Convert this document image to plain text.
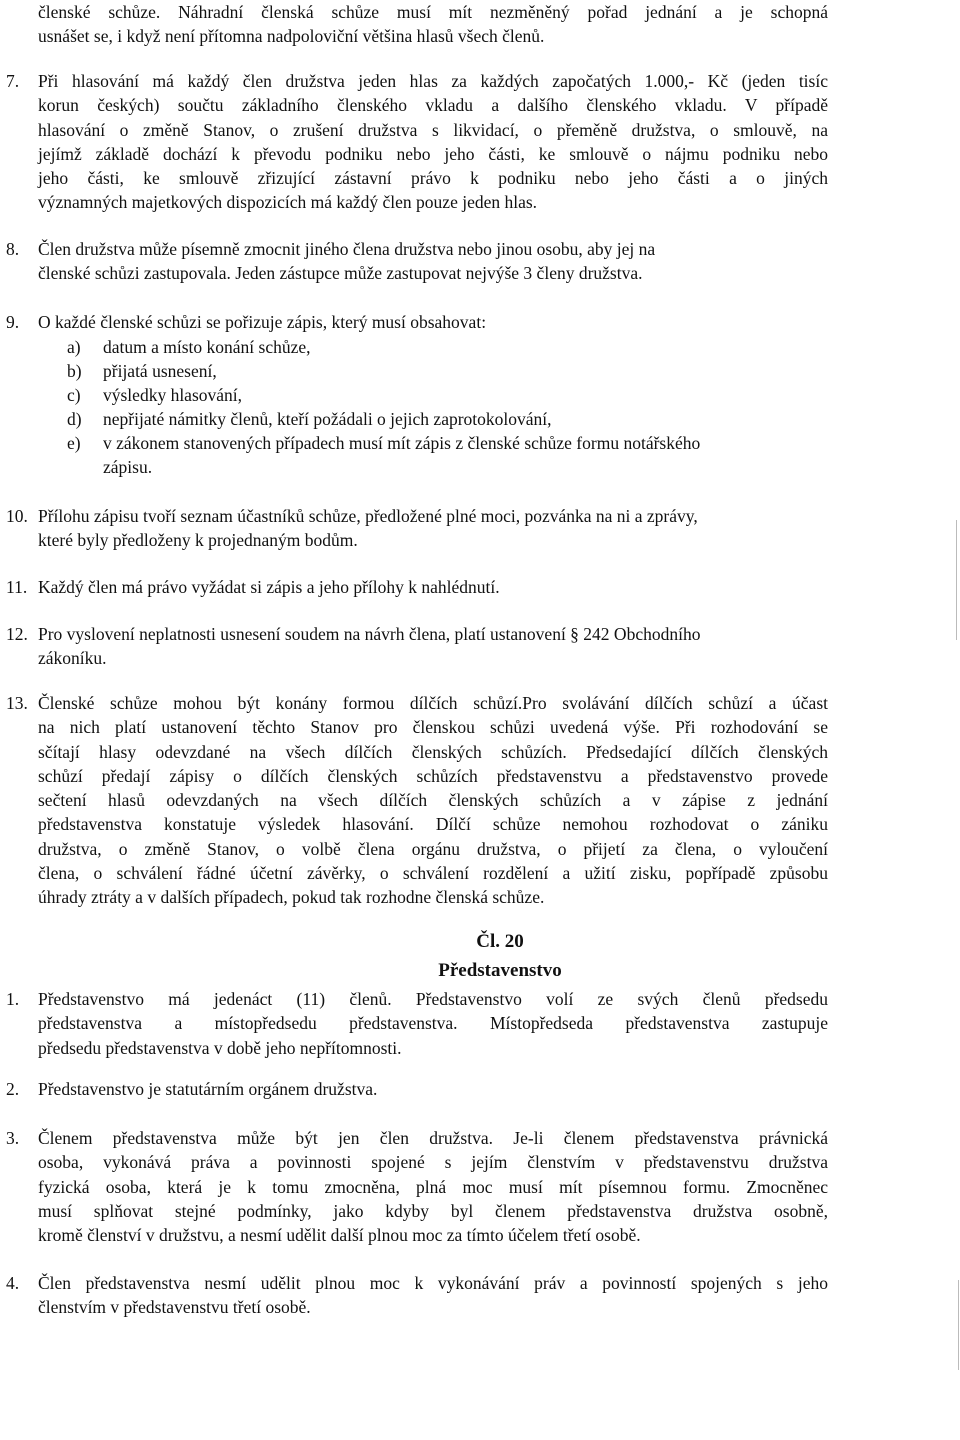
členské schůze. Náhradní členská schůze musí mít nezměněný pořad jednání a je schopná
usnášet se, i když není přítomna nadpoloviční většina hlasů všech členů.
7. Při hlasování má každý člen družstva jeden hlas za každých započatých 1.000,- Kč (jeden tisíc
korun českých) součtu základního členského vkladu a dalšího členského vkladu. V případě
hlasování o změně Stanov, o zrušení družstva s likvidací, o přeměně družstva, o smlouvě, na
jejímž základě dochází k převodu podniku nebo jeho části, ke smlouvě o nájmu podniku nebo
jeho části, ke smlouvě zřizující zástavní právo k podniku nebo jeho části a o jiných
významných majetkových dispozicích má každý člen pouze jeden hlas.
8. Člen družstva může písemně zmocnit jiného člena družstva nebo jinou osobu, aby jej na
členské schůzi zastupovala. Jeden zástupce může zastupovat nejvýše 3 členy družstva.
9. O každé členské schůzi se pořizuje zápis, který musí obsahovat:
a) datum a místo konání schůze,
b) přijatá usnesení,
c) výsledky hlasování,
d) nepřijaté námitky členů, kteří požádali o jejich zaprotokolování,
e) v zákonem stanovených případech musí mít zápis z členské schůze formu notářského
zápisu.
10. Přílohu zápisu tvoří seznam účastníků schůze, předložené plné moci, pozvánka na ni a zprávy,
které byly předloženy k projednaným bodům.
11. Každý člen má právo vyžádat si zápis a jeho přílohy k nahlédnutí.
12. Pro vyslovení neplatnosti usnesení soudem na návrh člena, platí ustanovení § 242 Obchodního
zákoníku.
13. Členské schůze mohou být konány formou dílčích schůzí.Pro svolávání dílčích schůzí a účast
na nich platí ustanovení těchto Stanov pro členskou schůzi uvedená výše. Při rozhodování se
sčítají hlasy odevzdané na všech dílčích členských schůzích. Předsedající dílčích členských
schůzí předají zápisy o dílčích členských schůzích představenstvu a představenstvo provede
sečtení hlasů odevzdaných na všech dílčích členských schůzích a v zápise z jednání
představenstva konstatuje výsledek hlasování. Dílčí schůze nemohou rozhodovat o zániku
družstva, o změně Stanov, o volbě člena orgánu družstva, o přijetí za člena, o vyloučení
člena, o schválení řádné účetní závěrky, o schválení rozdělení a užití zisku, popřípadě způsobu
úhrady ztráty a v dalších případech, pokud tak rozhodne členská schůze.
Čl. 20
Představenstvo
1. Představenstvo má jedenáct (11) členů. Představenstvo volí ze svých členů předsedu
představenstva a místopředsedu představenstva. Místopředseda představenstva zastupuje
předsedu představenstva v době jeho nepřítomnosti.
2. Představenstvo je statutárním orgánem družstva.
3. Členem představenstva může být jen člen družstva. Je-li členem představenstva právnická
osoba, vykonává práva a povinnosti spojené s jejím členstvím v představenstvu družstva
fyzická osoba, která je k tomu zmocněna, plná moc musí mít písemnou formu. Zmocněnec
musí splňovat stejné podmínky, jako kdyby byl členem představenstva družstva osobně,
kromě členství v družstvu, a nesmí udělit další plnou moc za tímto účelem třetí osobě.
4. Člen představenstva nesmí udělit plnou moc k vykonávání práv a povinností spojených s jeho
členstvím v představenstvu třetí osobě.
